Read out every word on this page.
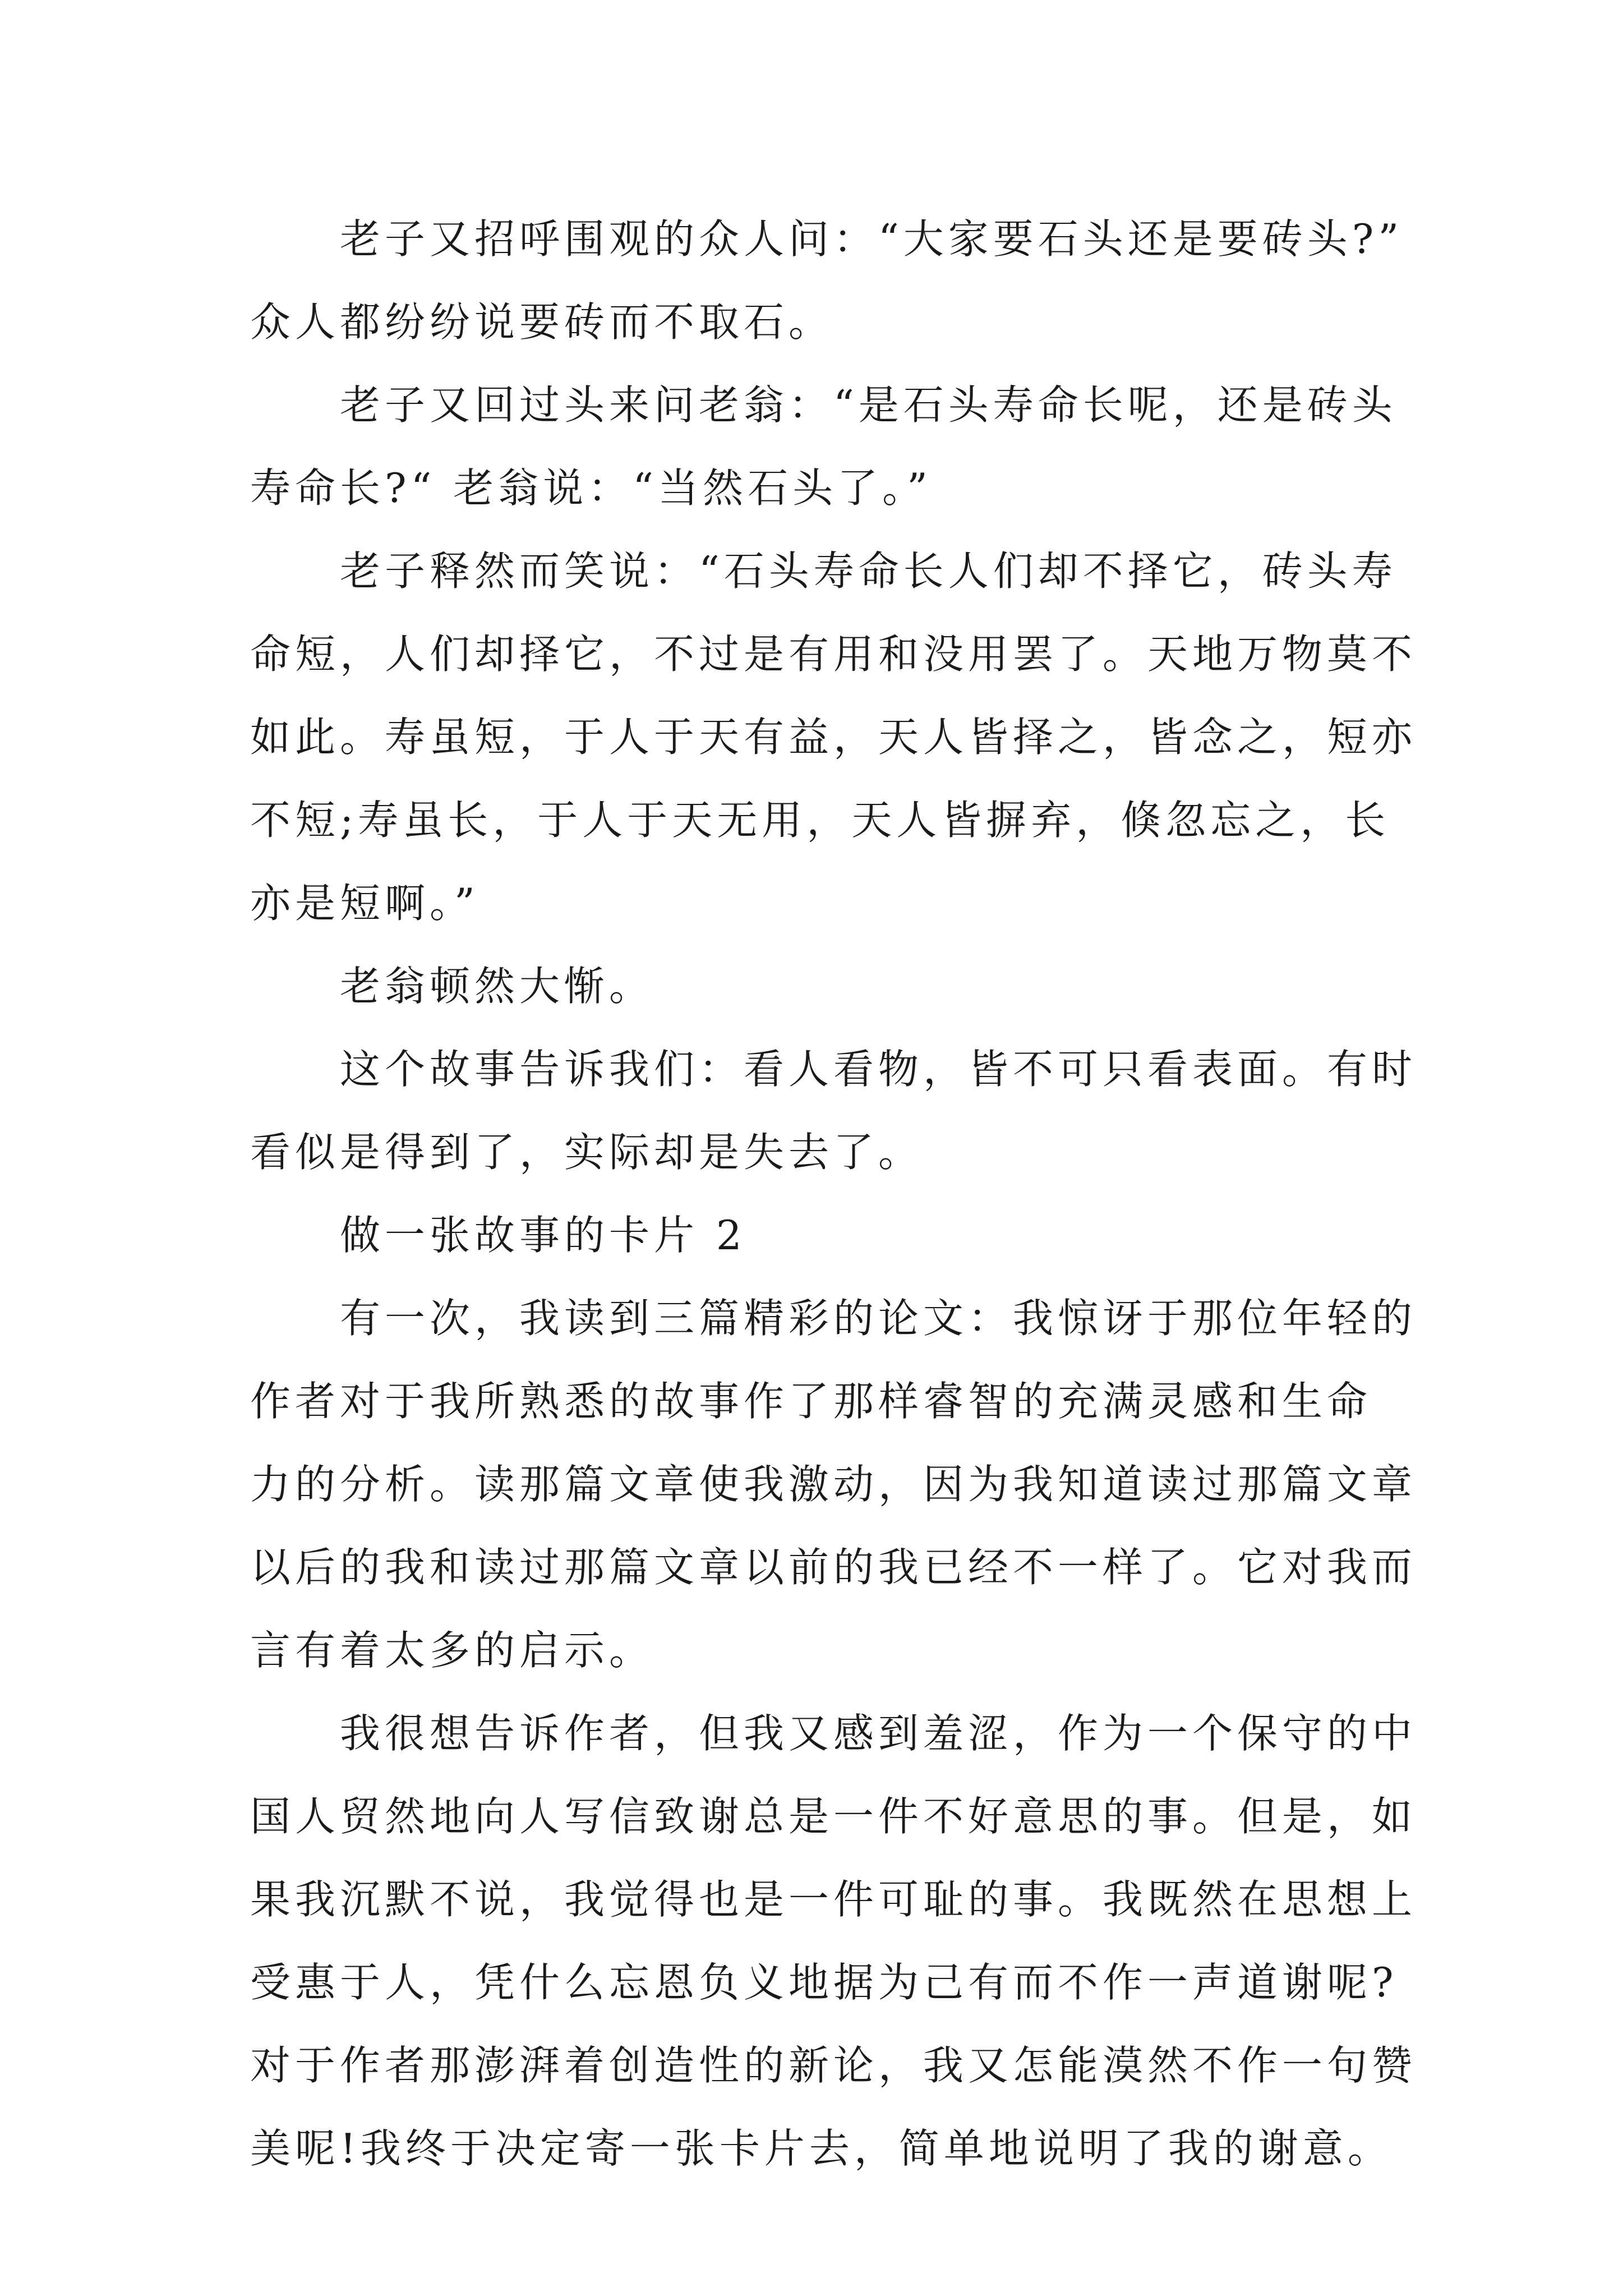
老子又招呼围观的众人问：“大家要石头还是要砖头?”
众人都纷纷说要砖而不取石。

老子又回过头来问老翁：“是石头寿命长呢，还是砖头
寿命长?“ 老翁说：“当然石头了。”

老子释然而笑说：“石头寿命长人们却不择它，砖头寿
命短，人们却择它，不过是有用和没用罢了。天地万物莫不
如此。寿虽短，于人于天有益，天人皆择之，皆念之，短亦
不短;寿虽长，于人于天无用，天人皆摒弃，倏忽忘之，长
亦是短啊。”

老翁顿然大惭。

这个故事告诉我们：看人看物，皆不可只看表面。有时
看似是得到了，实际却是失去了。

做一张故事的卡片 2

有一次，我读到三篇精彩的论文：我惊讶于那位年轻的
作者对于我所熟悉的故事作了那样睿智的充满灵感和生命
力的分析。读那篇文章使我激动，因为我知道读过那篇文章
以后的我和读过那篇文章以前的我已经不一样了。它对我而
言有着太多的启示。

我很想告诉作者，但我又感到羞涩，作为一个保守的中
国人贸然地向人写信致谢总是一件不好意思的事。但是，如
果我沉默不说，我觉得也是一件可耻的事。我既然在思想上
受惠于人，凭什么忘恩负义地据为己有而不作一声道谢呢?
对于作者那澎湃着创造性的新论，我又怎能漠然不作一句赞
美呢!我终于决定寄一张卡片去，简单地说明了我的谢意。
